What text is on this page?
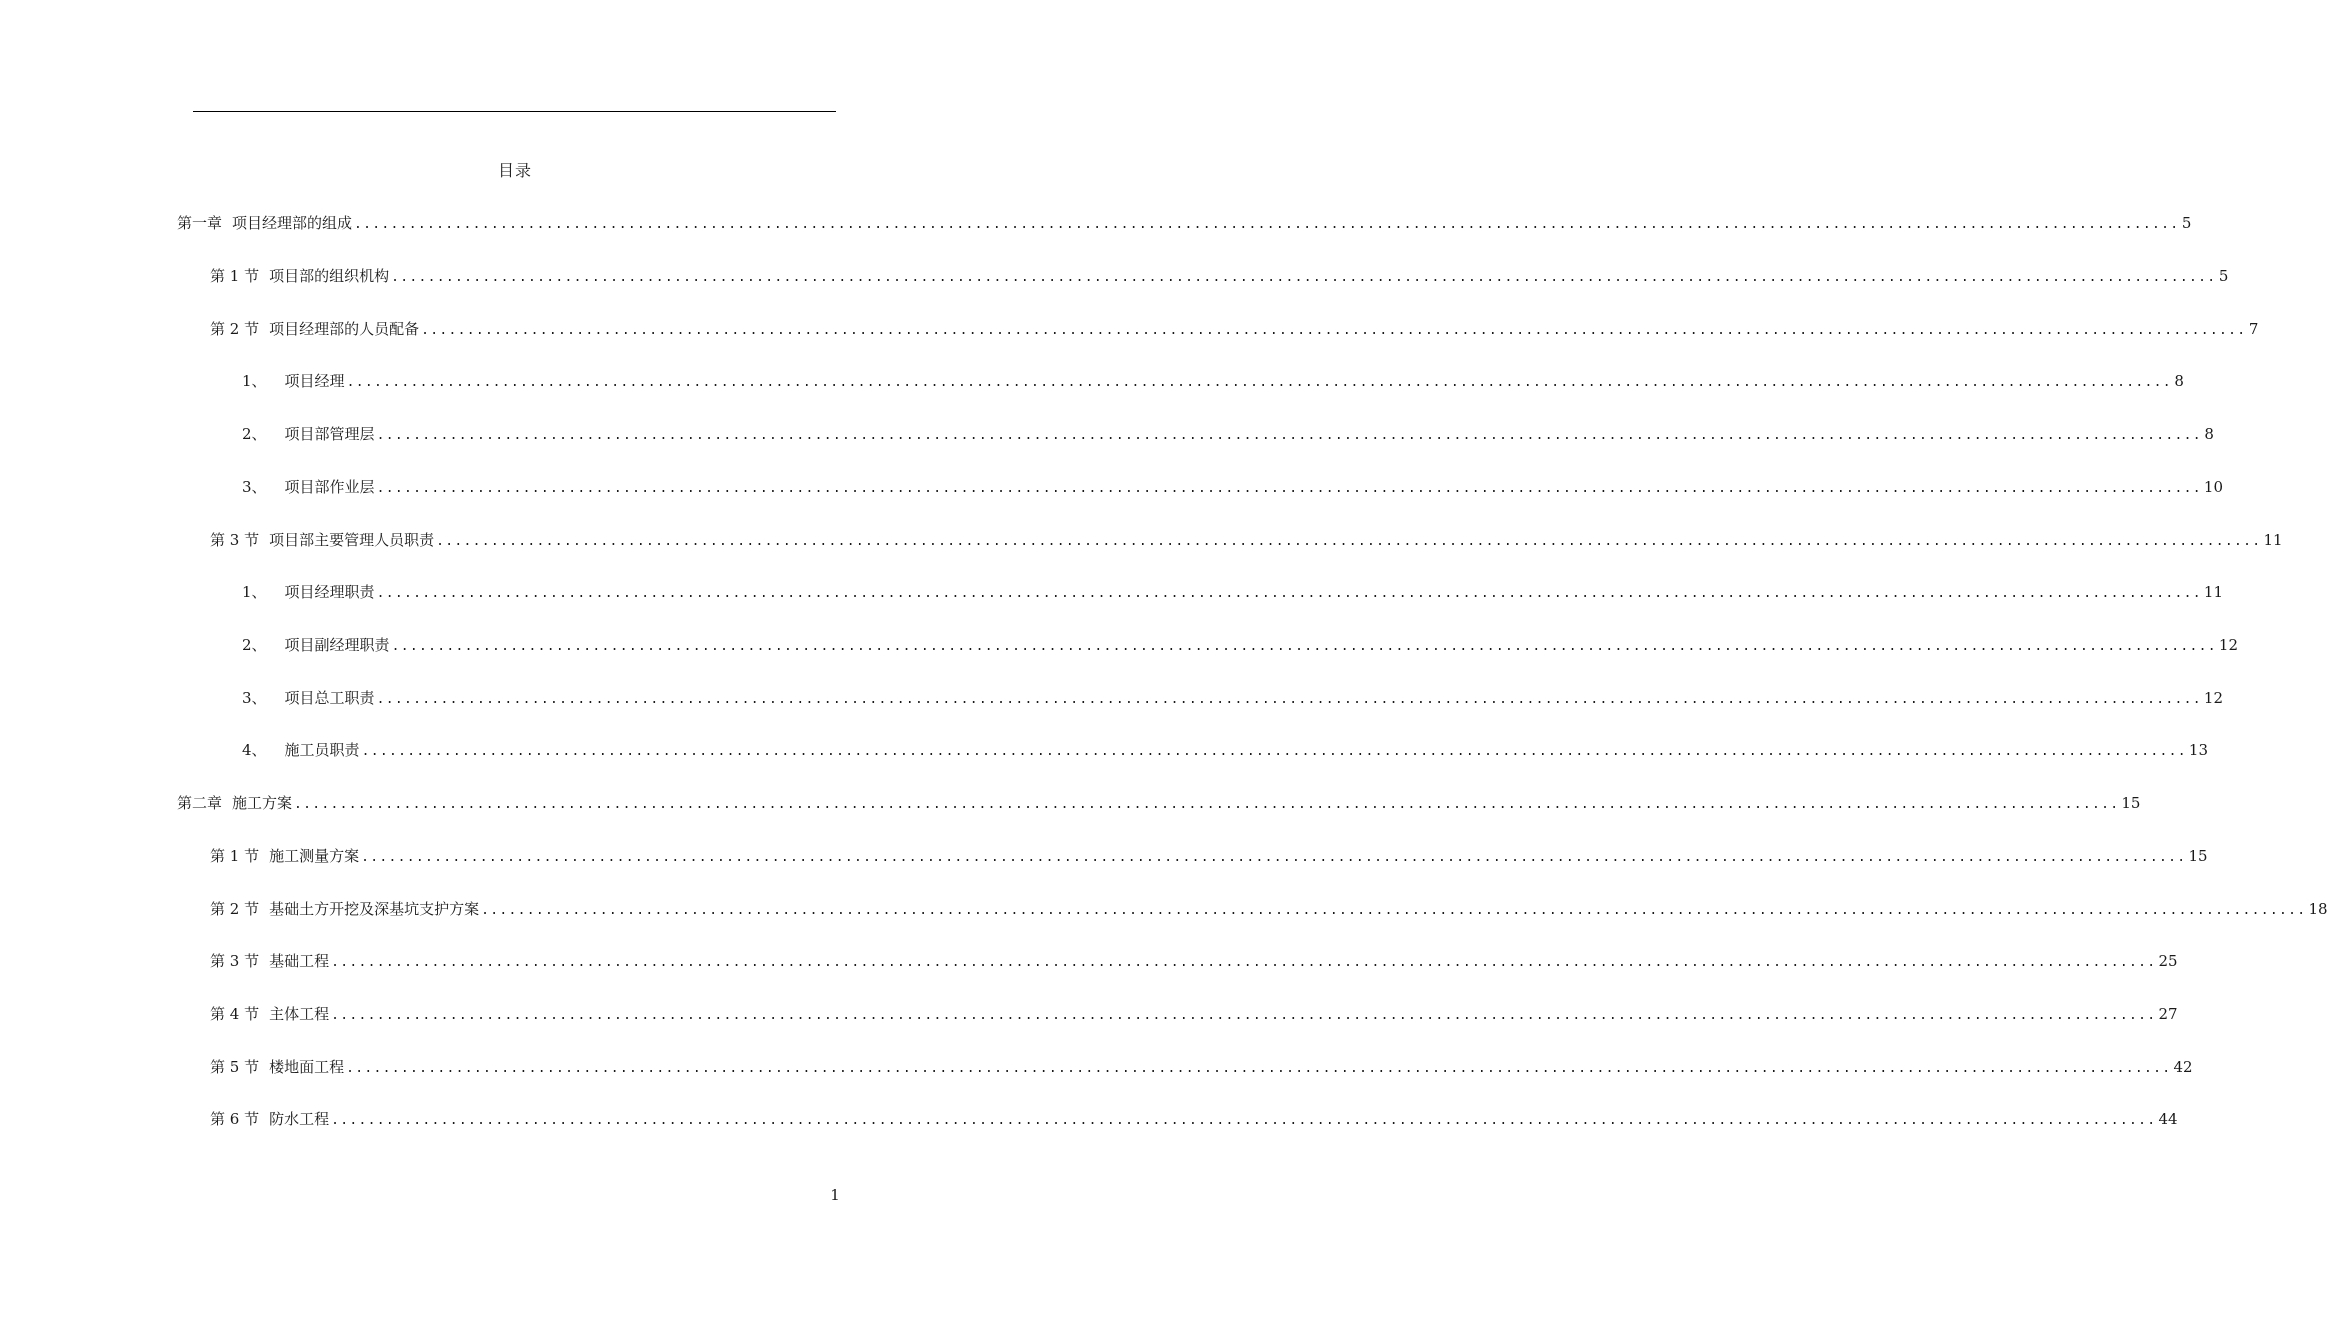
目录
第一章 项目经理部的组成 ........................................................................................................................................................................................................ 5
第 1 节 项目部的组织机构 ........................................................................................................................................................................................................ 5
第 2 节 项目经理部的人员配备 ........................................................................................................................................................................................................ 7
1、 项目经理 ........................................................................................................................................................................................................ 8
2、 项目部管理层 ........................................................................................................................................................................................................ 8
3、 项目部作业层 ........................................................................................................................................................................................................ 10
第 3 节 项目部主要管理人员职责 ........................................................................................................................................................................................................ 11
1、 项目经理职责 ........................................................................................................................................................................................................ 11
2、 项目副经理职责 ........................................................................................................................................................................................................ 12
3、 项目总工职责 ........................................................................................................................................................................................................ 12
4、 施工员职责 ........................................................................................................................................................................................................ 13
第二章 施工方案 ........................................................................................................................................................................................................ 15
第 1 节 施工测量方案 ........................................................................................................................................................................................................ 15
第 2 节 基础土方开挖及深基坑支护方案 ........................................................................................................................................................................................................ 18
第 3 节 基础工程 ........................................................................................................................................................................................................ 25
第 4 节 主体工程 ........................................................................................................................................................................................................ 27
第 5 节 楼地面工程 ........................................................................................................................................................................................................ 42
第 6 节 防水工程 ........................................................................................................................................................................................................ 44
1
